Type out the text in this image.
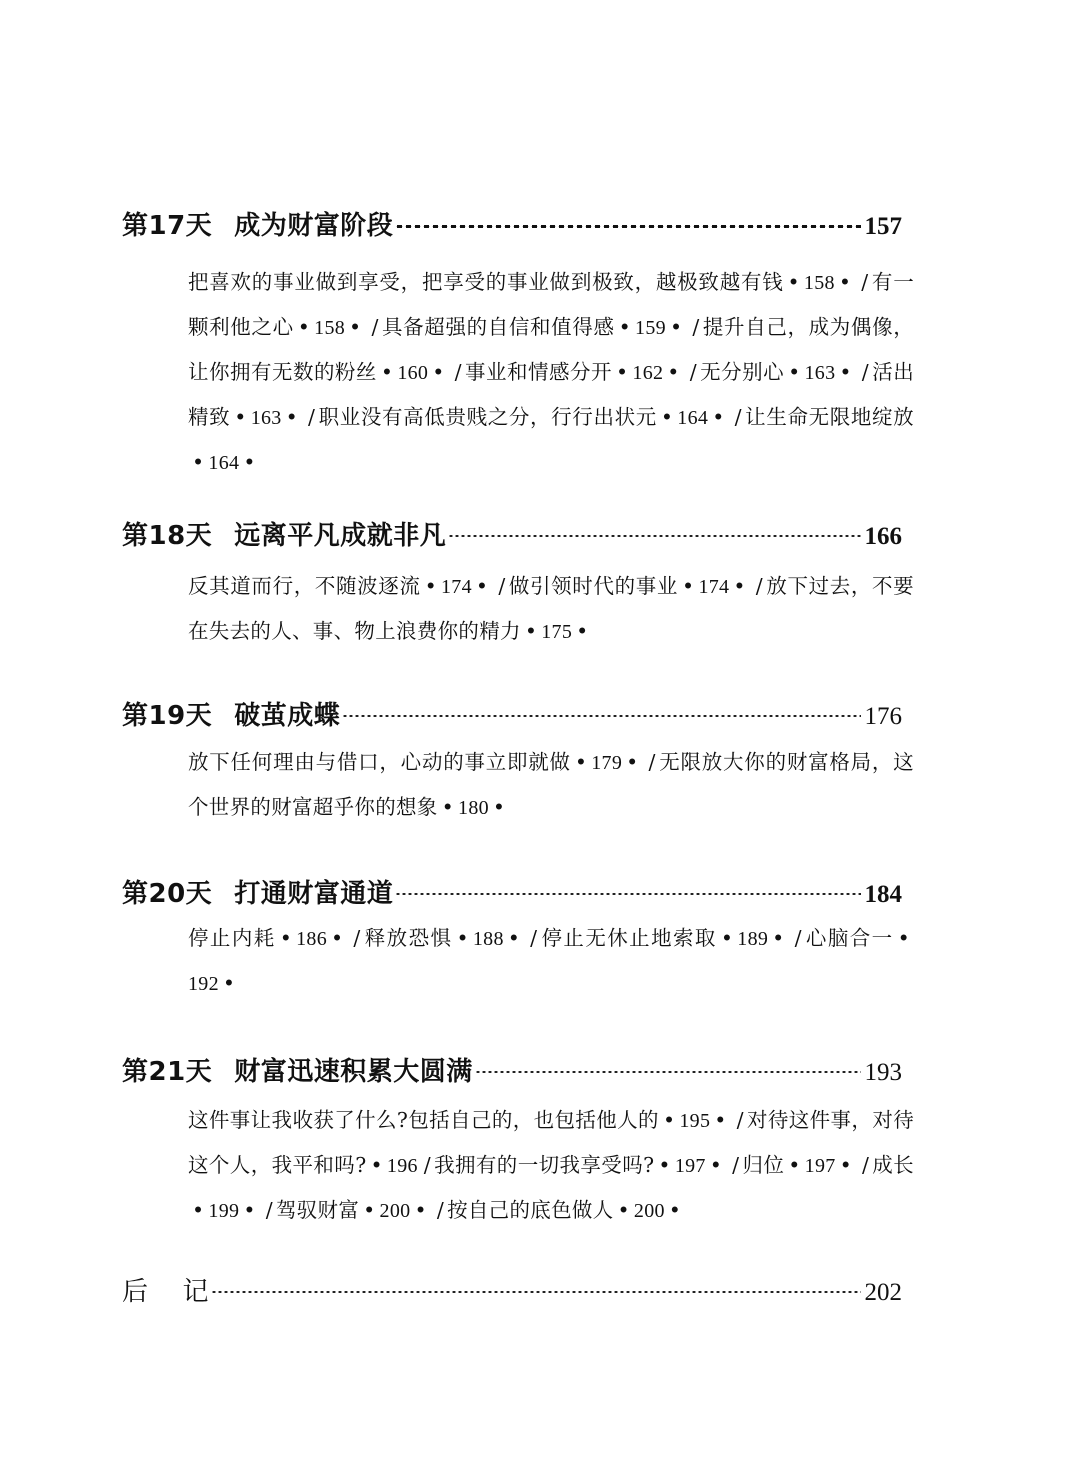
第17天 成为财富阶段	157
把喜欢的事业做到享受，把享受的事业做到极致，越极致越有钱 • 158 • / 有一颗利他之心 • 158 • / 具备超强的自信和值得感 • 159 • / 提升自己，成为偶像，让你拥有无数的粉丝 • 160 • / 事业和情感分开 • 162 • / 无分别心 • 163 • / 活出精致 • 163 • / 职业没有高低贵贱之分，行行出状元 • 164 • / 让生命无限地绽放• 164 •
第18天 远离平凡成就非凡	166
反其道而行，不随波逐流 • 174 • / 做引领时代的事业 • 174 • / 放下过去，不要在失去的人、事、物上浪费你的精力 • 175 •
第19天 破茧成蝶	176
放下任何理由与借口，心动的事立即就做 • 179 • / 无限放大你的财富格局，这个世界的财富超乎你的想象 • 180 •
第20天 打通财富通道	184
停止内耗 • 186 • / 释放恐惧 • 188 • / 停止无休止地索取 • 189 • / 心脑合一 •192 •
第21天 财富迅速积累大圆满	193
这件事让我收获了什么?包括自己的，也包括他人的 • 195 • / 对待这件事，对待这个人，我平和吗? • 196 / 我拥有的一切我享受吗? • 197 • / 归位 • 197 • / 成长• 199 • / 驾驭财富 • 200 • / 按自己的底色做人 • 200 •
后 记	202
